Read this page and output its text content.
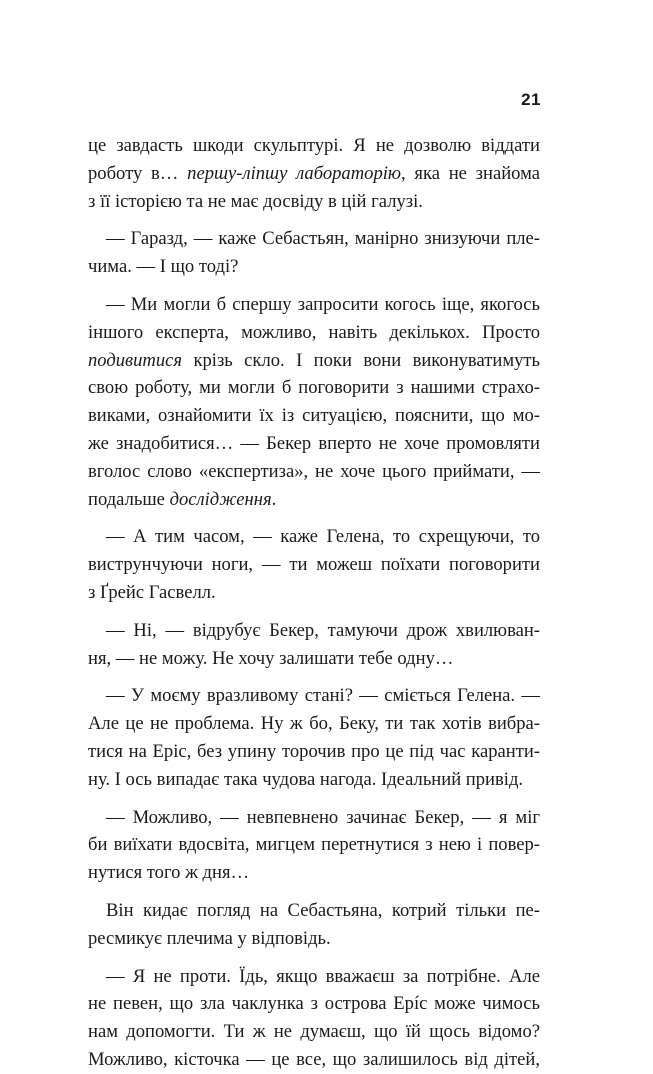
21
це завдасть шкоди скульптурі. Я не дозволю віддати
роботу в… першу-ліпшу лабораторію, яка не знайома
з її історією та не має досвіду в цій галузі.
— Гаразд, — каже Себастьян, манірно знизуючи пле-
чима. — І що тоді?
— Ми могли б спершу запросити когось іще, якогось
іншого експерта, можливо, навіть декількох. Просто
подивитися крізь скло. І поки вони виконуватимуть
свою роботу, ми могли б поговорити з нашими страхо-
виками, ознайомити їх із ситуацією, пояснити, що мо-
же знадобитися… — Бекер вперто не хоче промовляти
вголос слово «експертиза», не хоче цього приймати, —
подальше дослідження.
— А тим часом, — каже Гелена, то схрещуючи, то
виструнчуючи ноги, — ти можеш поїхати поговорити
з Ґрейс Гасвелл.
— Ні, — відрубує Бекер, тамуючи дрож хвилюван-
ня, — не можу. Не хочу залишати тебе одну…
— У моєму вразливому стані? — сміється Гелена. —
Але це не проблема. Ну ж бо, Беку, ти так хотів вибра-
тися на Еріс, без упину торочив про це під час каранти-
ну. І ось випадає така чудова нагода. Ідеальний привід.
— Можливо, — невпевнено зачинає Бекер, — я міг
би виїхати вдосвіта, мигцем перетнутися з нею і повер-
нутися того ж дня…
Він кидає погляд на Себастьяна, котрий тільки пе-
ресмикує плечима у відповідь.
— Я не проти. Їдь, якщо вважаєш за потрібне. Але
не певен, що зла чаклунка з острова Ерíс може чимось
нам допомогти. Ти ж не думаєш, що їй щось відомо?
Можливо, кісточка — це все, що залишилось від дітей,
